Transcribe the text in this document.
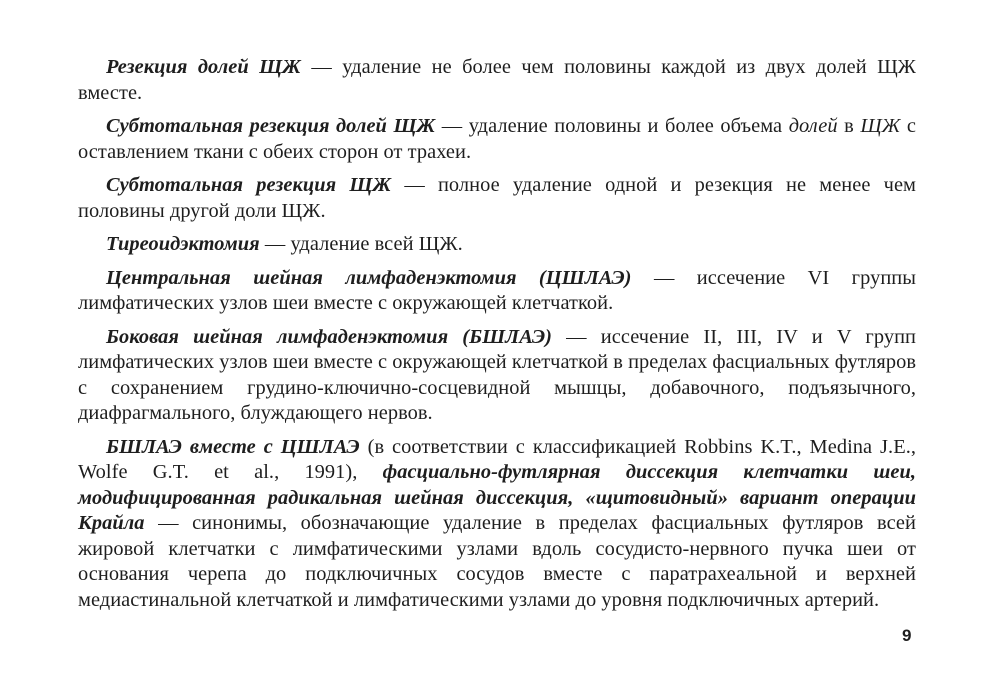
Резекция долей ЩЖ — удаление не более чем половины каждой из двух долей ЩЖ вместе.

Субтотальная резекция долей ЩЖ — удаление половины и более объема долей в ЩЖ с оставлением ткани с обеих сторон от трахеи.

Субтотальная резекция ЩЖ — полное удаление одной и резекция не менее чем половины другой доли ЩЖ.

Тиреоидэктомия — удаление всей ЩЖ.

Центральная шейная лимфаденэктомия (ЦШЛАЭ) — иссечение VI группы лимфатических узлов шеи вместе с окружающей клетчаткой.

Боковая шейная лимфаденэктомия (БШЛАЭ) — иссечение II, III, IV и V групп лимфатических узлов шеи вместе с окружающей клетчаткой в пределах фасциальных футляров с сохранением грудино-ключично-сосцевидной мышцы, добавочного, подъязычного, диафрагмального, блуждающего нервов.

БШЛАЭ вместе с ЦШЛАЭ (в соответствии с классификацией Robbins K.T., Medina J.E., Wolfe G.T. et al., 1991), фасциально-футлярная диссекция клетчатки шеи, модифицированная радикальная шейная диссекция, «щитовидный» вариант операции Крайла — синонимы, обозначающие удаление в пределах фасциальных футляров всей жировой клетчатки с лимфатическими узлами вдоль сосудисто-нервного пучка шеи от основания черепа до подключичных сосудов вместе с паратрахеальной и верхней медиастинальной клетчаткой и лимфатическими узлами до уровня подключичных артерий.

9
